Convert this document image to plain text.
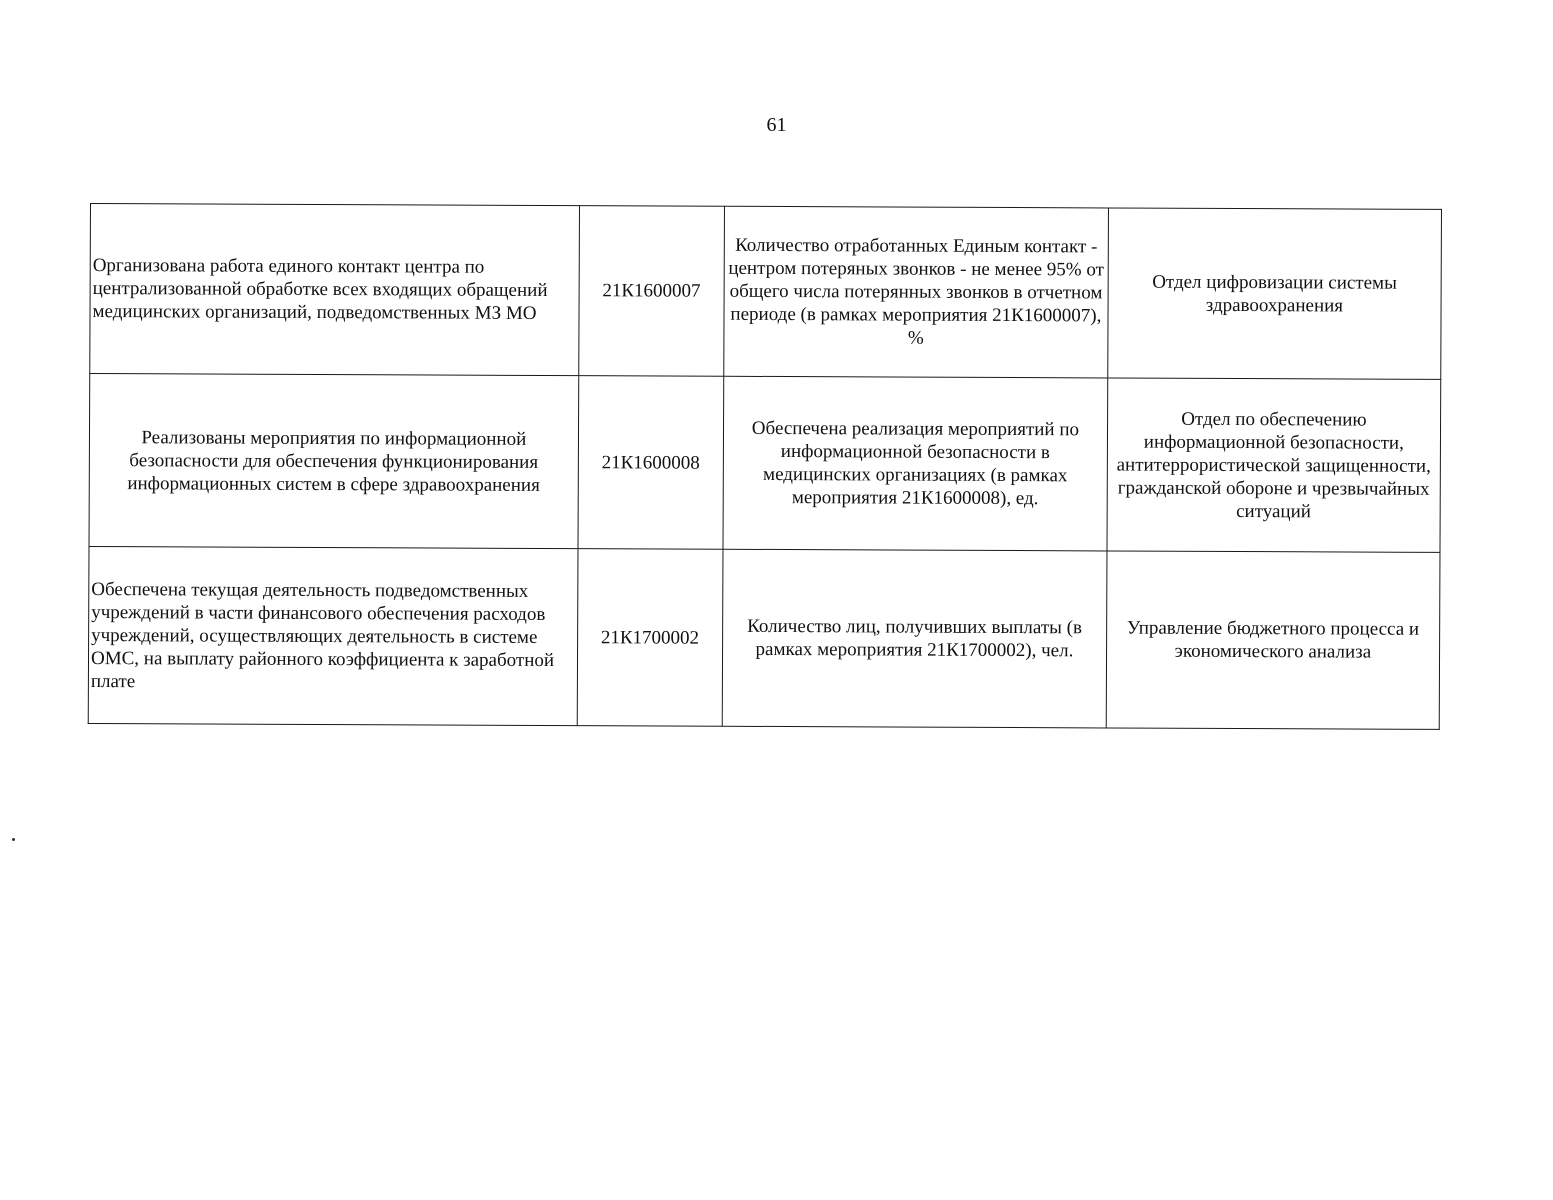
61
Организована работа единого контакт центра по централизованной обработке всех входящих обращений медицинских организаций, подведомственных МЗ МО	21К1600007	Количество отработанных Единым контакт - центром потеряных звонков - не менее 95% от общего числа потерянных звонков в отчетном периоде (в рамках мероприятия 21К1600007), %	Отдел цифровизации системы здравоохранения
Реализованы мероприятия по информационной безопасности для обеспечения функционирования информационных систем в сфере здравоохранения	21К1600008	Обеспечена реализация мероприятий по информационной безопасности в медицинских организациях (в рамках мероприятия 21К1600008), ед.	Отдел по обеспечению информационной безопасности, антитеррористической защищенности, гражданской обороне и чрезвычайных ситуаций
Обеспечена текущая деятельность подведомственных учреждений в части финансового обеспечения расходов учреждений, осуществляющих деятельность в системе ОМС, на выплату районного коэффициента к заработной плате	21К1700002	Количество лиц, получивших выплаты (в рамках мероприятия 21К1700002), чел.	Управление бюджетного процесса и экономического анализа
